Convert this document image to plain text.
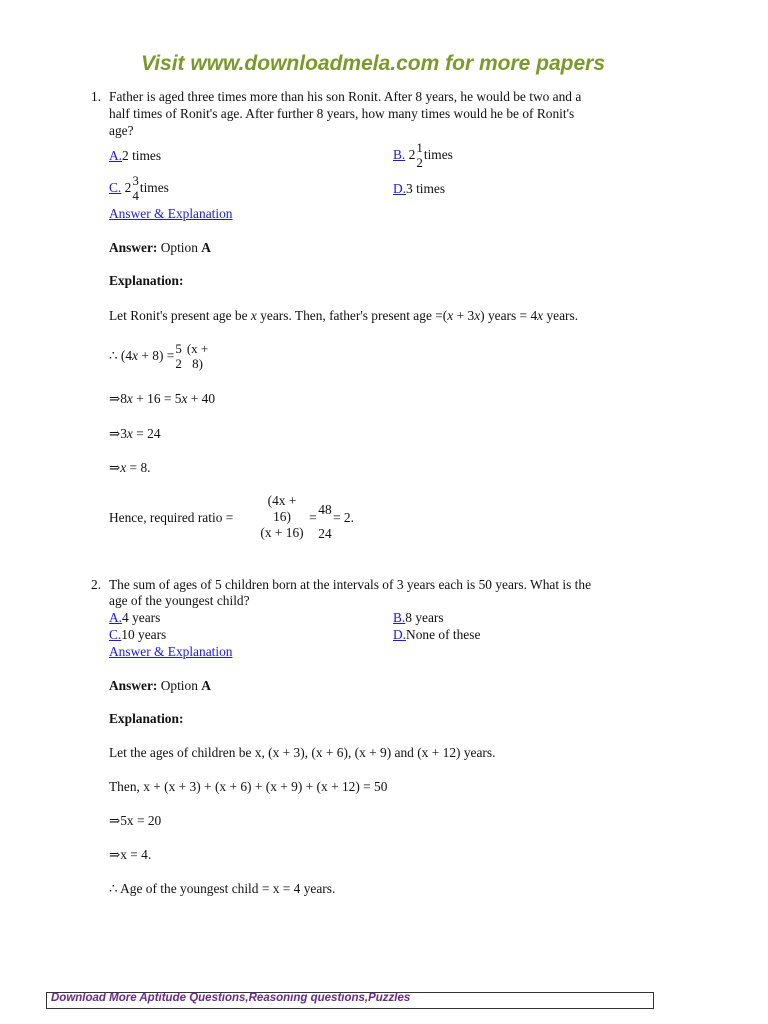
Visit www.downloadmela.com for more papers
1. Father is aged three times more than his son Ronit. After 8 years, he would be two and a
half times of Ronit's age. After further 8 years, how many times would he be of Ronit's
age?
A.2 times	B. 2 1
2
times
C. 2 3
4
times	D.3 times
Answer & Explanation
Answer: Option A
Explanation:
Let Ronit's present age be x years. Then, father's present age =(x + 3x) years = 4x years.
∴ (4x + 8) = 5
2
(x +
8)
⇒8x + 16 = 5x + 40
⇒3x = 24
⇒x = 8.
Hence, required ratio =
(4x +
16)
(x + 16)
=
48
24
= 2.
2. The sum of ages of 5 children born at the intervals of 3 years each is 50 years. What is the
age of the youngest child?
A.4 years	B.8 years
C.10 years	D.None of these
Answer & Explanation
Answer: Option A
Explanation:
Let the ages of children be x, (x + 3), (x + 6), (x + 9) and (x + 12) years.
Then, x + (x + 3) + (x + 6) + (x + 9) + (x + 12) = 50
⇒5x = 20
⇒x = 4.
∴ Age of the youngest child = x = 4 years.
Download More Aptitude Questions,Reasoning questions,Puzzles
